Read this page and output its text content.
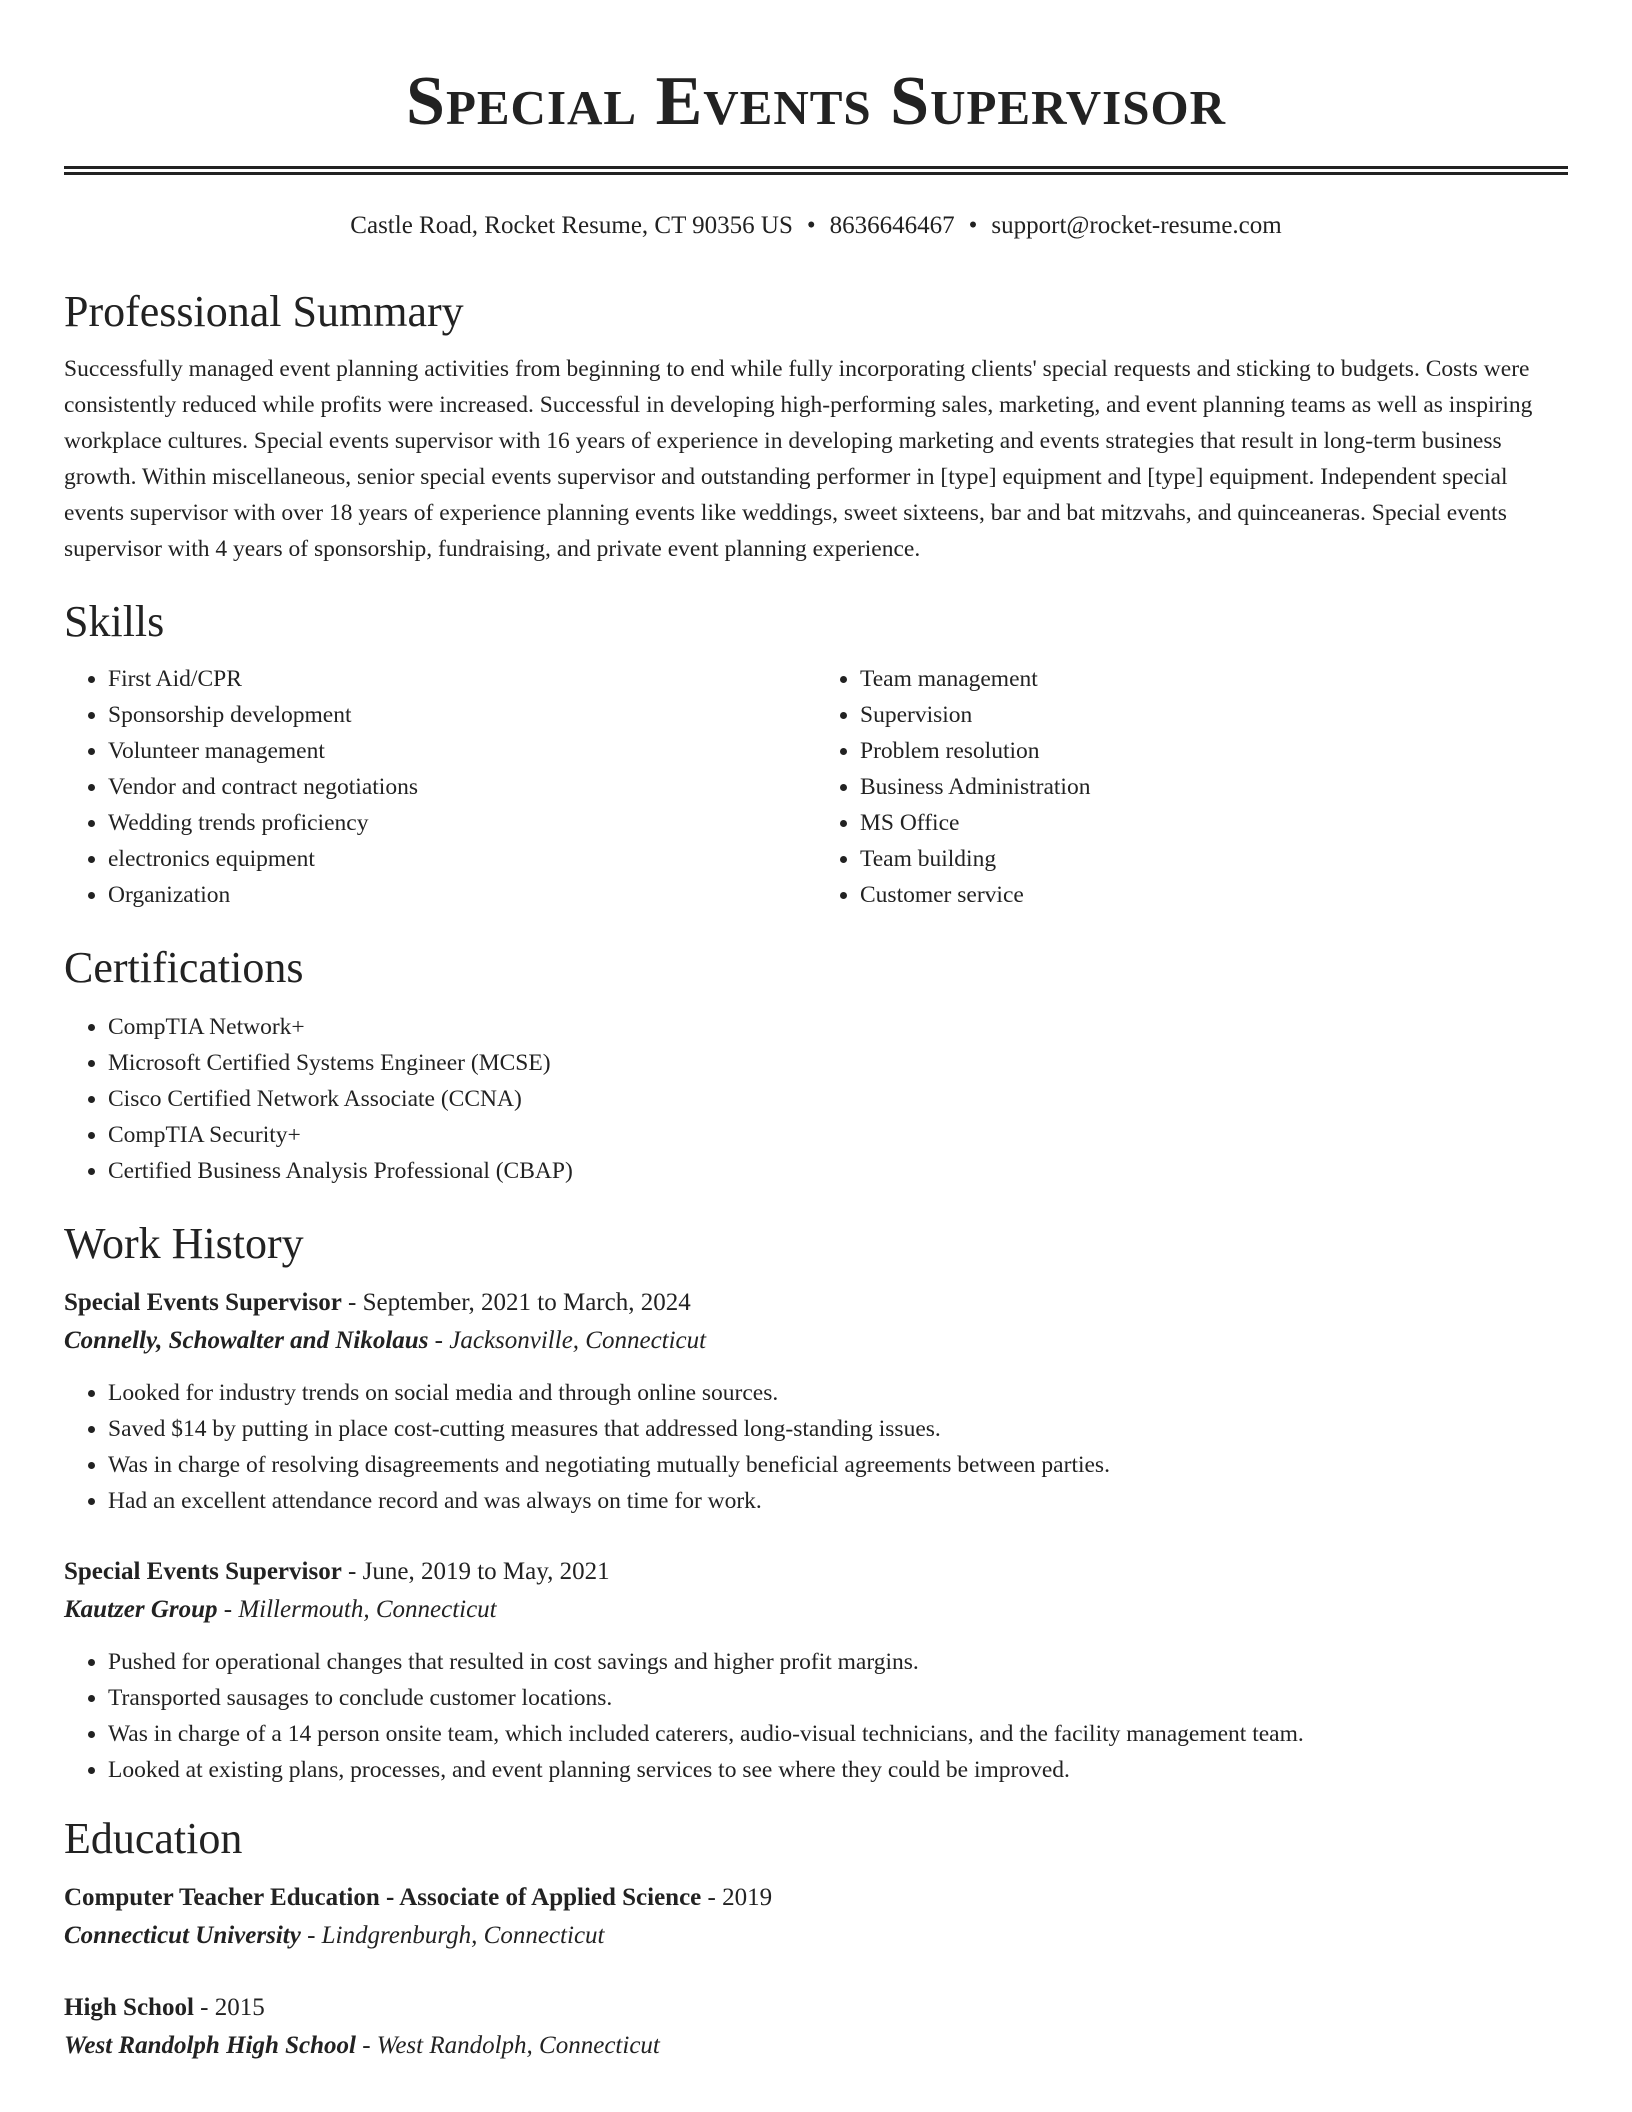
Special Events Supervisor
Castle Road, Rocket Resume, CT 90356 US • 8636646467 • support@rocket-resume.com
Professional Summary

Successfully managed event planning activities from beginning to end while fully incorporating clients' special requests and sticking to budgets. Costs were consistently reduced while profits were increased. Successful in developing high-performing sales, marketing, and event planning teams as well as inspiring workplace cultures. Special events supervisor with 16 years of experience in developing marketing and events strategies that result in long-term business growth. Within miscellaneous, senior special events supervisor and outstanding performer in [type] equipment and [type] equipment. Independent special events supervisor with over 18 years of experience planning events like weddings, sweet sixteens, bar and bat mitzvahs, and quinceaneras. Special events supervisor with 4 years of sponsorship, fundraising, and private event planning experience.

Skills
• First Aid/CPR
• Sponsorship development
• Volunteer management
• Vendor and contract negotiations
• Wedding trends proficiency
• electronics equipment
• Organization
• Team management
• Supervision
• Problem resolution
• Business Administration
• MS Office
• Team building
• Customer service
Certifications
• CompTIA Network+
• Microsoft Certified Systems Engineer (MCSE)
• Cisco Certified Network Associate (CCNA)
• CompTIA Security+
• Certified Business Analysis Professional (CBAP)
Work History
Special Events Supervisor - September, 2021 to March, 2024
Connelly, Schowalter and Nikolaus - Jacksonville, Connecticut
• Looked for industry trends on social media and through online sources.
• Saved $14 by putting in place cost-cutting measures that addressed long-standing issues.
• Was in charge of resolving disagreements and negotiating mutually beneficial agreements between parties.
• Had an excellent attendance record and was always on time for work.
Special Events Supervisor - June, 2019 to May, 2021
Kautzer Group - Millermouth, Connecticut
• Pushed for operational changes that resulted in cost savings and higher profit margins.
• Transported sausages to conclude customer locations.
• Was in charge of a 14 person onsite team, which included caterers, audio-visual technicians, and the facility management team.
• Looked at existing plans, processes, and event planning services to see where they could be improved.
Education
Computer Teacher Education - Associate of Applied Science - 2019
Connecticut University - Lindgrenburgh, Connecticut
High School - 2015
West Randolph High School - West Randolph, Connecticut
